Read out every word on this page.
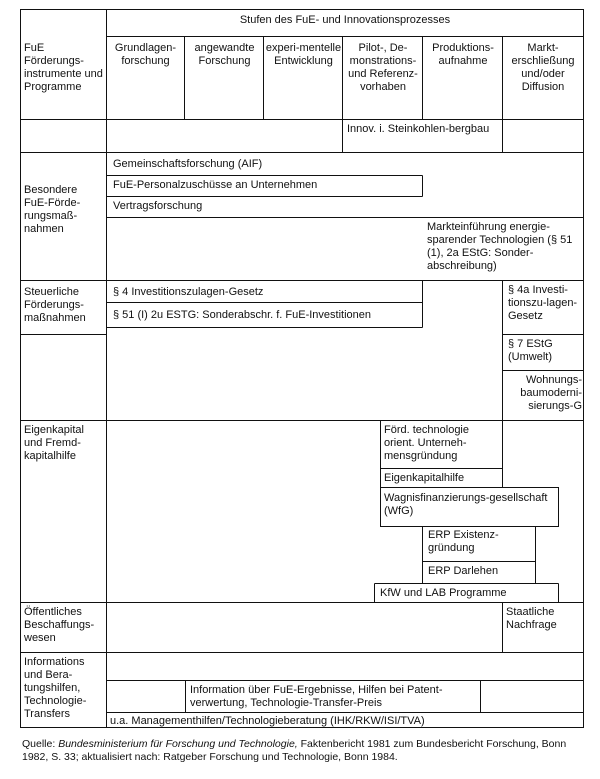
Stufen des FuE- und Innovationsprozesses
FuE Förderungs-instrumente und Programme
Grundlagen-forschung
angewandte Forschung
experi-mentelle Entwicklung
Pilot-, De-monstrations- und Referenz-vorhaben
Produktions-aufnahme
Markt-erschließung und/oder Diffusion
Innov. i. Steinkohlen-bergbau
Besondere FuE-Förde-rungsmaß-nahmen
Gemeinschaftsforschung (AIF)
FuE-Personalzuschüsse an Unternehmen
Vertragsforschung
Markteinführung energie-sparender Technologien (§ 51 (1), 2a EStG: Sonder-abschreibung)
Steuerliche Förderungs-maßnahmen
§ 4 Investitionszulagen-Gesetz
§ 51 (I) 2u ESTG: Sonderabschr. f. FuE-Investitionen
§ 4a Investi-tionszu-lagen-Gesetz
§ 7 EStG (Umwelt)
Wohnungs-baumoderni-sierungs-G
Eigenkapital und Fremd-kapitalhilfe
Förd. technologie orient. Unterneh-mensgründung
Eigenkapitalhilfe
Wagnisfinanzierungs-gesellschaft (WfG)
ERP Existenz-gründung
ERP Darlehen
KfW und LAB Programme
Öffentliches Beschaffungs-wesen
Staatliche Nachfrage
Informations und Bera-tungshilfen, Technologie-Transfers
Information über FuE-Ergebnisse, Hilfen bei Patent-verwertung, Technologie-Transfer-Preis
u.a. Managementhilfen/Technologieberatung (IHK/RKW/ISI/TVA)
Quelle: Bundesministerium für Forschung und Technologie, Faktenbericht 1981 zum Bundesbericht Forschung, Bonn 1982, S. 33; aktualisiert nach: Ratgeber Forschung und Technologie, Bonn 1984.
